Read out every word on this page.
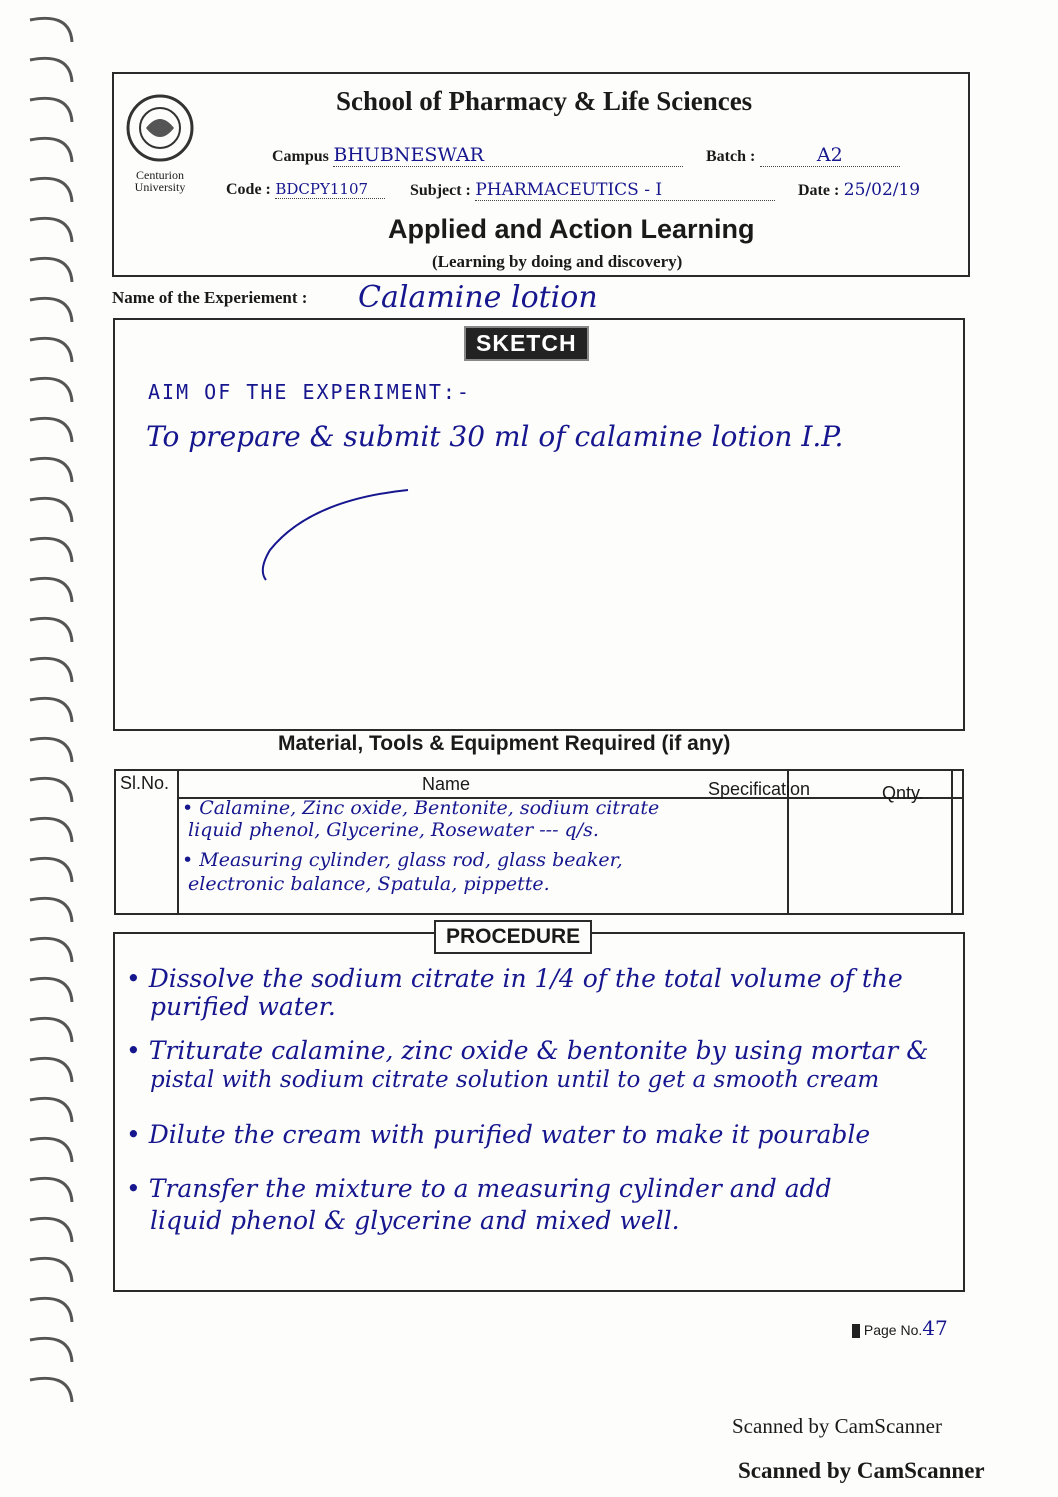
Centurion University
School of Pharmacy & Life Sciences
Campus BHUBNESWAR	Batch :	A2
Code : BDCPY1107	Subject : PHARMACEUTICS - I	Date : 25/02/19
Applied and Action Learning
(Learning by doing and discovery)
Name of the Experiement : Calamine lotion
SKETCH
AIM OF THE EXPERIMENT:-
To prepare & submit 30 ml of calamine lotion I.P.
Material, Tools & Equipment Required (if any)
Sl.No.	Name	Specification	Qnty.
• Calamine, Zinc oxide, Bentonite, sodium citrate
liquid phenol, Glycerine, Rosewater --- q/s.
• Measuring cylinder, glass rod, glass beaker,
electronic balance, Spatula, pippette.
PROCEDURE
• Dissolve the sodium citrate in 1/4 of the total volume of the
purified water.
• Triturate calamine, zinc oxide & bentonite by using mortar &
pistal with sodium citrate solution until to get a smooth cream
• Dilute the cream with purified water to make it pourable
• Transfer the mixture to a measuring cylinder and add
liquid phenol & glycerine and mixed well.
Page No.47
Scanned by CamScanner
Scanned by CamScanner
